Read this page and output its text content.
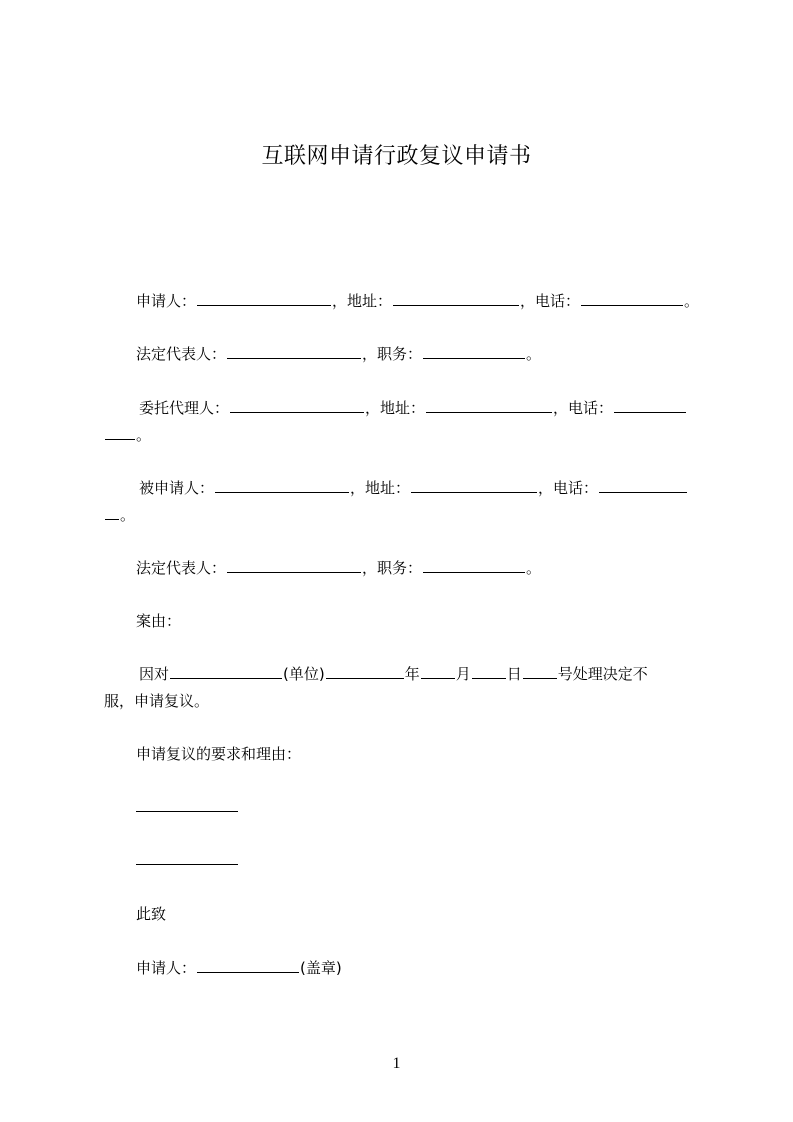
互联网申请行政复议申请书
申请人：	，地址：	，电话：	。
法定代表人：	，职务：	。
委托代理人：	，地址：	，电话：
。
被申请人：	，地址：	，电话：
。
法定代表人：	，职务：	。
案由：
因对	(单位)	年 月 日 号处理决定不
服，申请复议。
申请复议的要求和理由：
此致
申请人：	(盖章)
1
